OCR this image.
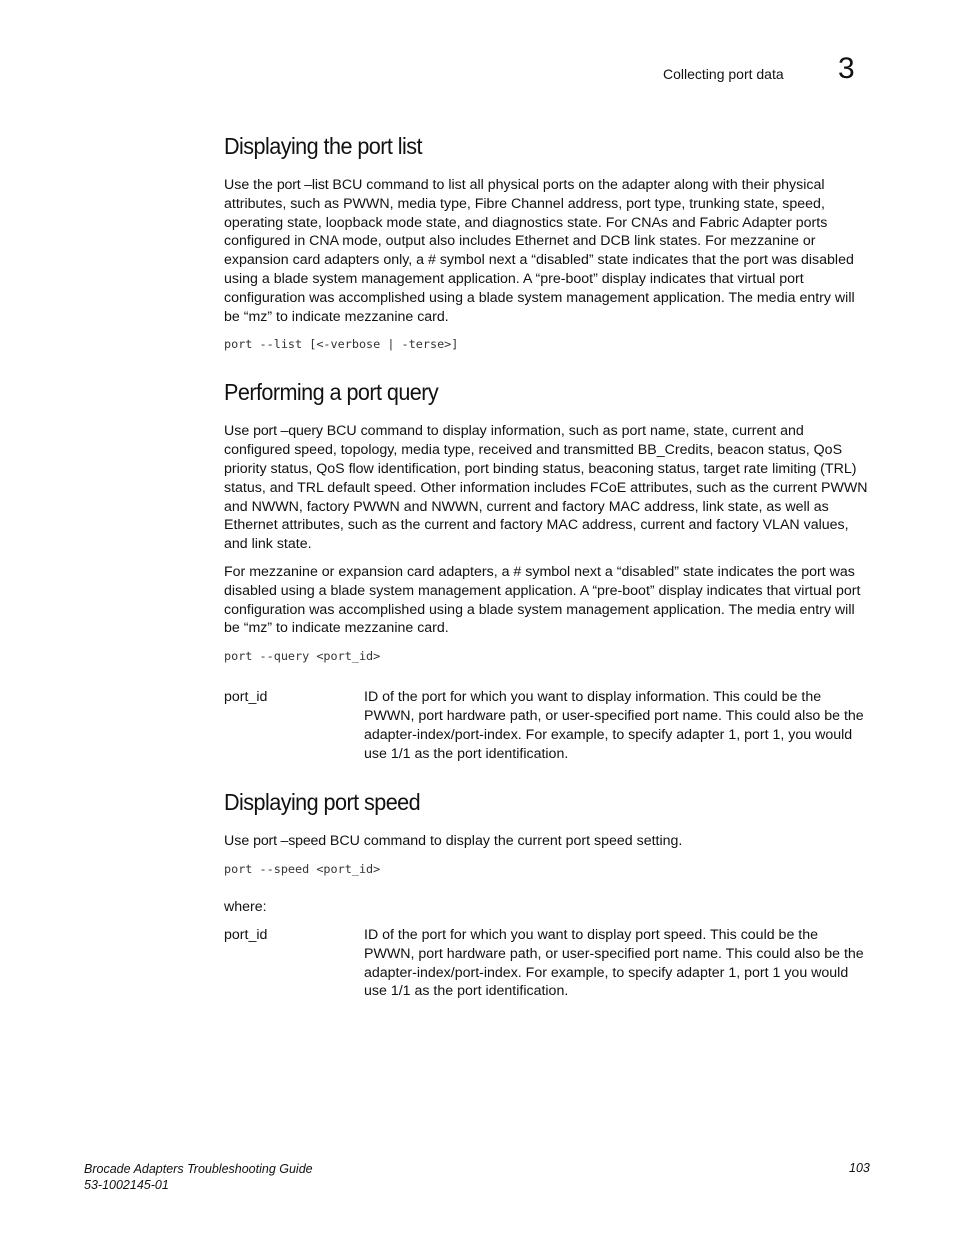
Collecting port data 3
Displaying the port list

Use the port –list BCU command to list all physical ports on the adapter along with their physical attributes, such as PWWN, media type, Fibre Channel address, port type, trunking state, speed, operating state, loopback mode state, and diagnostics state. For CNAs and Fabric Adapter ports configured in CNA mode, output also includes Ethernet and DCB link states. For mezzanine or expansion card adapters only, a # symbol next a “disabled” state indicates that the port was disabled using a blade system management application. A “pre-boot” display indicates that virtual port configuration was accomplished using a blade system management application. The media entry will be “mz” to indicate mezzanine card.

port --list [<-verbose | -terse>]
Performing a port query

Use port –query BCU command to display information, such as port name, state, current and configured speed, topology, media type, received and transmitted BB_Credits, beacon status, QoS priority status, QoS flow identification, port binding status, beaconing status, target rate limiting (TRL) status, and TRL default speed. Other information includes FCoE attributes, such as the current PWWN and NWWN, factory PWWN and NWWN, current and factory MAC address, link state, as well as Ethernet attributes, such as the current and factory MAC address, current and factory VLAN values, and link state.

For mezzanine or expansion card adapters, a # symbol next a “disabled” state indicates the port was disabled using a blade system management application. A “pre-boot” display indicates that virtual port configuration was accomplished using a blade system management application. The media entry will be “mz” to indicate mezzanine card.

port --query <port_id>
port_id	ID of the port for which you want to display information. This could be the PWWN, port hardware path, or user-specified port name. This could also be the adapter-index/port-index. For example, to specify adapter 1, port 1, you would use 1/1 as the port identification.
Displaying port speed

Use port –speed BCU command to display the current port speed setting.

port --speed <port_id>

where:

port_id	ID of the port for which you want to display port speed. This could be the PWWN, port hardware path, or user-specified port name. This could also be the adapter-index/port-index. For example, to specify adapter 1, port 1 you would use 1/1 as the port identification.
Brocade Adapters Troubleshooting Guide
53-1002145-01
103
